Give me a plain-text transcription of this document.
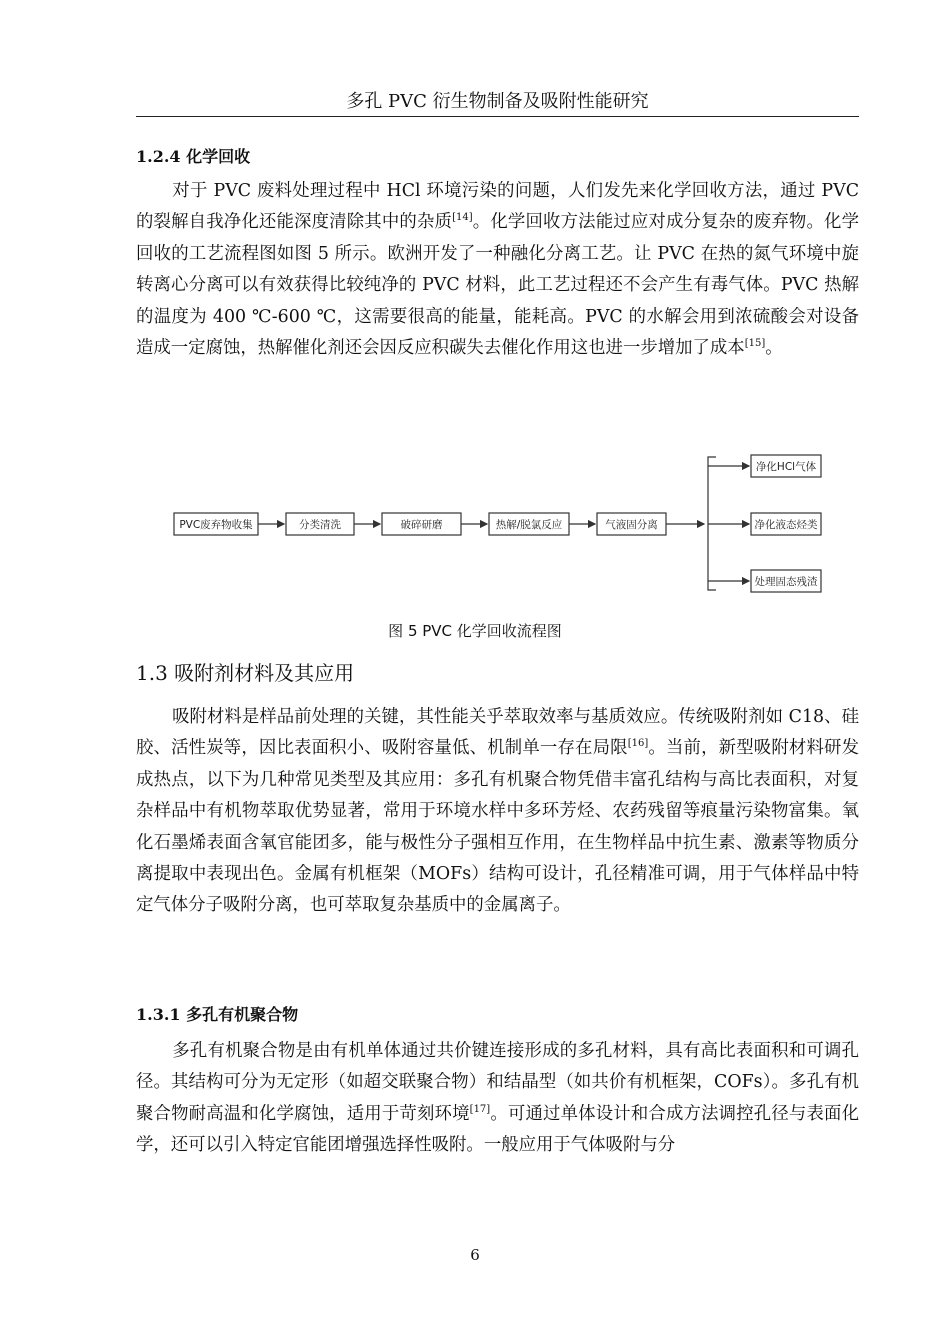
多孔 PVC 衍生物制备及吸附性能研究
1.2.4 化学回收
对于 PVC 废料处理过程中 HCl 环境污染的问题，人们发先来化学回收方法，通过 PVC 的裂解自我净化还能深度清除其中的杂质[14]。化学回收方法能过应对成分复杂的废弃物。化学回收的工艺流程图如图 5 所示。欧洲开发了一种融化分离工艺。让 PVC 在热的氮气环境中旋转离心分离可以有效获得比较纯净的 PVC 材料，此工艺过程还不会产生有毒气体。PVC 热解的温度为 400 ℃-600 ℃，这需要很高的能量，能耗高。PVC 的水解会用到浓硫酸会对设备造成一定腐蚀，热解催化剂还会因反应积碳失去催化作用这也进一步增加了成本[15]。
PVC废弃物收集	分类清洗	破碎研磨	热解/脱氯反应	气液固分离
净化HCl气体
净化液态烃类
处理固态残渣
图 5 PVC 化学回收流程图
1.3 吸附剂材料及其应用
吸附材料是样品前处理的关键，其性能关乎萃取效率与基质效应。传统吸附剂如 C18、硅胶、活性炭等，因比表面积小、吸附容量低、机制单一存在局限[16]。当前，新型吸附材料研发成热点，以下为几种常见类型及其应用：多孔有机聚合物凭借丰富孔结构与高比表面积，对复杂样品中有机物萃取优势显著，常用于环境水样中多环芳烃、农药残留等痕量污染物富集。氧化石墨烯表面含氧官能团多，能与极性分子强相互作用，在生物样品中抗生素、激素等物质分离提取中表现出色。金属有机框架（MOFs）结构可设计，孔径精准可调，用于气体样品中特定气体分子吸附分离，也可萃取复杂基质中的金属离子。
1.3.1 多孔有机聚合物
多孔有机聚合物是由有机单体通过共价键连接形成的多孔材料，具有高比表面积和可调孔径。其结构可分为无定形（如超交联聚合物）和结晶型（如共价有机框架，COFs）。多孔有机聚合物耐高温和化学腐蚀，适用于苛刻环境[17]。可通过单体设计和合成方法调控孔径与表面化学，还可以引入特定官能团增强选择性吸附。一般应用于气体吸附与分
6
